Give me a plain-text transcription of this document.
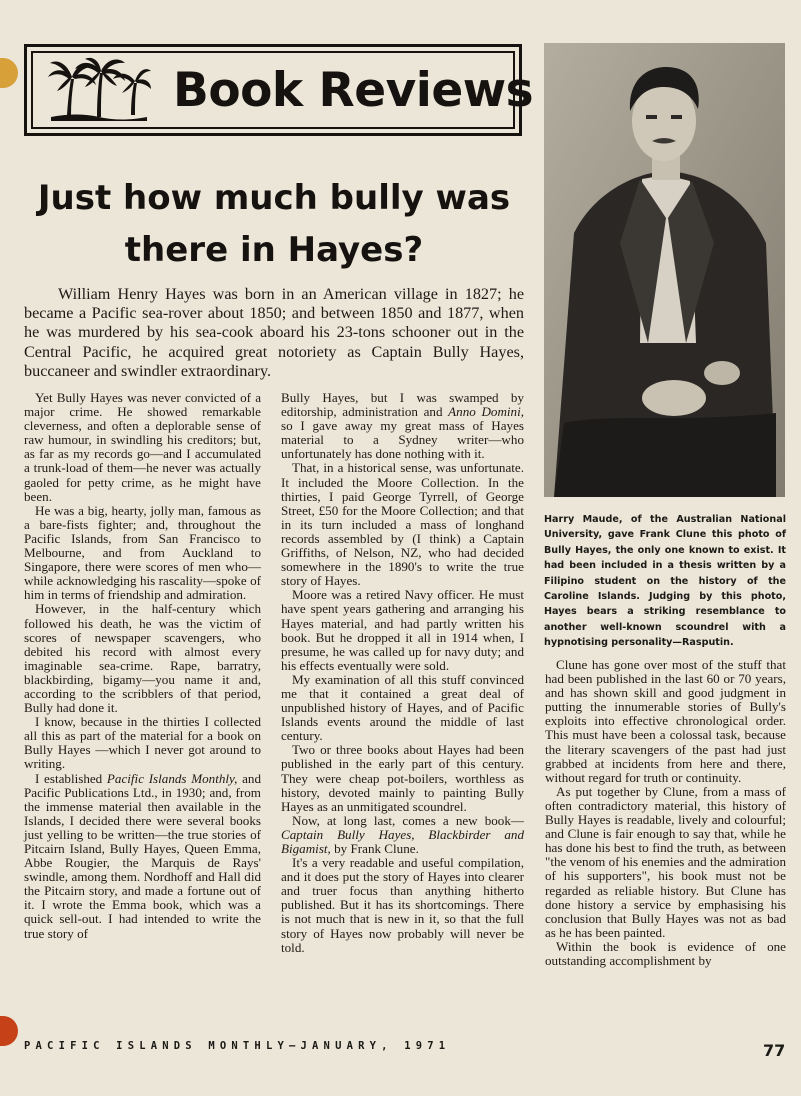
Book Reviews
Just how much bully was
there in Hayes?

William Henry Hayes was born in an American village in 1827; he became a Pacific sea-rover about 1850; and between 1850 and 1877, when he was murdered by his sea-cook aboard his 23-tons schooner out in the Central Pacific, he acquired great notoriety as Captain Bully Hayes, buccaneer and swindler extraordinary.

Yet Bully Hayes was never convicted of a major crime. He showed remarkable cleverness, and often a deplorable sense of raw humour, in swindling his creditors; but, as far as my records go—and I accumulated a trunk-load of them—he never was actually gaoled for petty crime, as he might have been.

He was a big, hearty, jolly man, famous as a bare-fists fighter; and, throughout the Pacific Islands, from San Francisco to Melbourne, and from Auckland to Singapore, there were scores of men who—while acknowledging his rascality—spoke of him in terms of friendship and admiration.

However, in the half-century which followed his death, he was the victim of scores of newspaper scavengers, who debited his record with almost every imaginable sea-crime. Rape, barratry, blackbirding, bigamy—you name it and, according to the scribblers of that period, Bully had done it.

I know, because in the thirties I collected all this as part of the material for a book on Bully Hayes —which I never got around to writing.

I established Pacific Islands Monthly, and Pacific Publications Ltd., in 1930; and, from the immense material then available in the Islands, I decided there were several books just yelling to be written—the true stories of Pitcairn Island, Bully Hayes, Queen Emma, Abbe Rougier, the Marquis de Rays' swindle, among them. Nordhoff and Hall did the Pitcairn story, and made a fortune out of it. I wrote the Emma book, which was a quick sell-out. I had intended to write the true story of

Bully Hayes, but I was swamped by editorship, administration and Anno Domini, so I gave away my great mass of Hayes material to a Sydney writer—who unfortunately has done nothing with it.

That, in a historical sense, was unfortunate. It included the Moore Collection. In the thirties, I paid George Tyrrell, of George Street, £50 for the Moore Collection; and that in its turn included a mass of longhand records assembled by (I think) a Captain Griffiths, of Nelson, NZ, who had decided somewhere in the 1890's to write the true story of Hayes.

Moore was a retired Navy officer. He must have spent years gathering and arranging his Hayes material, and had partly written his book. But he dropped it all in 1914 when, I presume, he was called up for navy duty; and his effects eventually were sold.

My examination of all this stuff convinced me that it contained a great deal of unpublished history of Hayes, and of Pacific Islands events around the middle of last century.

Two or three books about Hayes had been published in the early part of this century. They were cheap pot-boilers, worthless as history, devoted mainly to painting Bully Hayes as an unmitigated scoundrel.

Now, at long last, comes a new book—Captain Bully Hayes, Blackbirder and Bigamist, by Frank Clune.

It's a very readable and useful compilation, and it does put the story of Hayes into clearer and truer focus than anything hitherto published. But it has its shortcomings. There is not much that is new in it, so that the full story of Hayes now probably will never be told.

Harry Maude, of the Australian National University, gave Frank Clune this photo of Bully Hayes, the only one known to exist. It had been included in a thesis written by a Filipino student on the history of the Caroline Islands. Judging by this photo, Hayes bears a striking resemblance to another well-known scoundrel with a hypnotising personality—Rasputin.

Clune has gone over most of the stuff that had been published in the last 60 or 70 years, and has shown skill and good judgment in putting the innumerable stories of Bully's exploits into effective chronological order. This must have been a colossal task, because the literary scavengers of the past had just grabbed at incidents from here and there, without regard for truth or continuity.

As put together by Clune, from a mass of often contradictory material, this history of Bully Hayes is readable, lively and colourful; and Clune is fair enough to say that, while he has done his best to find the truth, as between "the venom of his enemies and the admiration of his supporters", his book must not be regarded as reliable history. But Clune has done history a service by emphasising his conclusion that Bully Hayes was not as bad as he has been painted.

Within the book is evidence of one outstanding accomplishment by

PACIFIC ISLANDS MONTHLY—JANUARY, 1971	77
